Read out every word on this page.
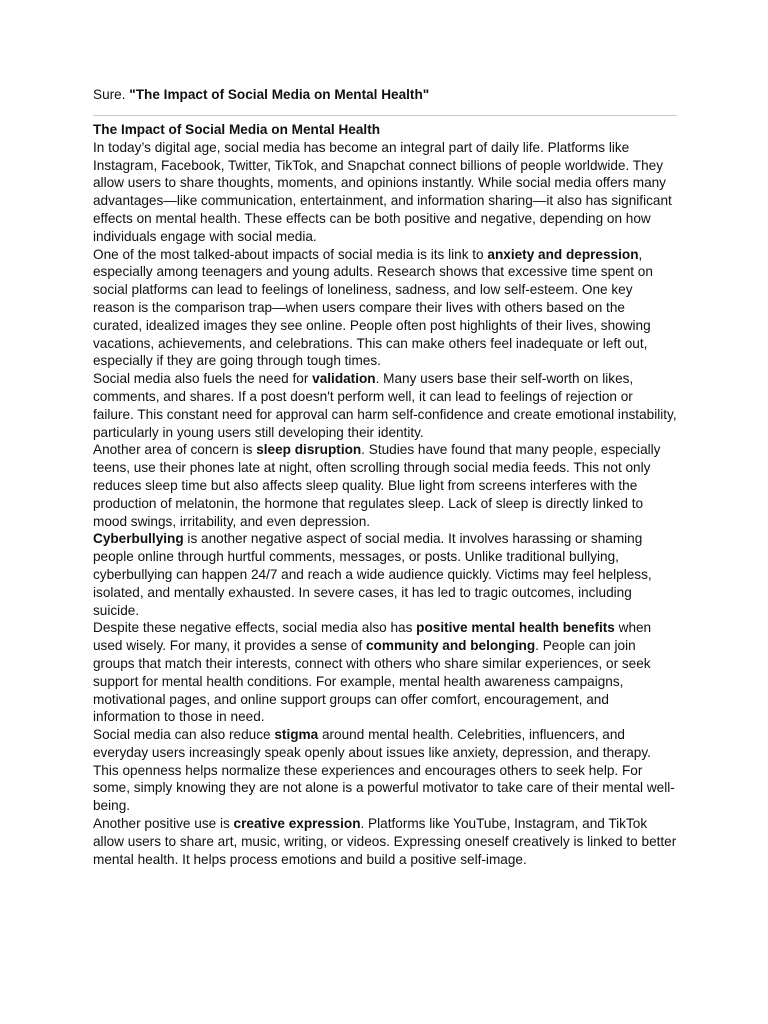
Sure. "The Impact of Social Media on Mental Health"

The Impact of Social Media on Mental Health

In today’s digital age, social media has become an integral part of daily life. Platforms like Instagram, Facebook, Twitter, TikTok, and Snapchat connect billions of people worldwide. They allow users to share thoughts, moments, and opinions instantly. While social media offers many advantages—like communication, entertainment, and information sharing—it also has significant effects on mental health. These effects can be both positive and negative, depending on how individuals engage with social media.

One of the most talked-about impacts of social media is its link to anxiety and depression, especially among teenagers and young adults. Research shows that excessive time spent on social platforms can lead to feelings of loneliness, sadness, and low self-esteem. One key reason is the comparison trap—when users compare their lives with others based on the curated, idealized images they see online. People often post highlights of their lives, showing vacations, achievements, and celebrations. This can make others feel inadequate or left out, especially if they are going through tough times.

Social media also fuels the need for validation. Many users base their self-worth on likes, comments, and shares. If a post doesn't perform well, it can lead to feelings of rejection or failure. This constant need for approval can harm self-confidence and create emotional instability, particularly in young users still developing their identity.

Another area of concern is sleep disruption. Studies have found that many people, especially teens, use their phones late at night, often scrolling through social media feeds. This not only reduces sleep time but also affects sleep quality. Blue light from screens interferes with the production of melatonin, the hormone that regulates sleep. Lack of sleep is directly linked to mood swings, irritability, and even depression.

Cyberbullying is another negative aspect of social media. It involves harassing or shaming people online through hurtful comments, messages, or posts. Unlike traditional bullying, cyberbullying can happen 24/7 and reach a wide audience quickly. Victims may feel helpless, isolated, and mentally exhausted. In severe cases, it has led to tragic outcomes, including suicide.

Despite these negative effects, social media also has positive mental health benefits when used wisely. For many, it provides a sense of community and belonging. People can join groups that match their interests, connect with others who share similar experiences, or seek support for mental health conditions. For example, mental health awareness campaigns, motivational pages, and online support groups can offer comfort, encouragement, and information to those in need.

Social media can also reduce stigma around mental health. Celebrities, influencers, and everyday users increasingly speak openly about issues like anxiety, depression, and therapy. This openness helps normalize these experiences and encourages others to seek help. For some, simply knowing they are not alone is a powerful motivator to take care of their mental well-being.

Another positive use is creative expression. Platforms like YouTube, Instagram, and TikTok allow users to share art, music, writing, or videos. Expressing oneself creatively is linked to better mental health. It helps process emotions and build a positive self-image.
